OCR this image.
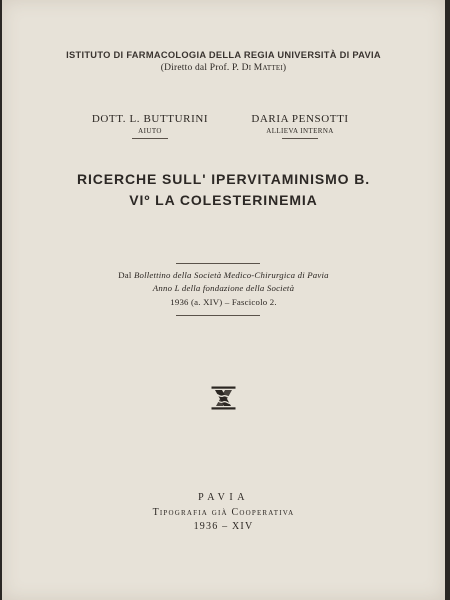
ISTITUTO DI FARMACOLOGIA DELLA REGIA UNIVERSITÀ DI PAVIA
(Diretto dal Prof. P. Di Mattei)
DOTT. L. BUTTURINI
AIUTO
DARIA PENSOTTI
ALLIEVA INTERNA
RICERCHE SULL' IPERVITAMINISMO B.
VIº LA COLESTERINEMIA
Dal Bollettino della Società Medico-Chirurgica di Pavia
Anno L della fondazione della Società
1936 (a. XIV) – Fascicolo 2.
PAVIA
Tipografia già Cooperativa
1936 – XIV
